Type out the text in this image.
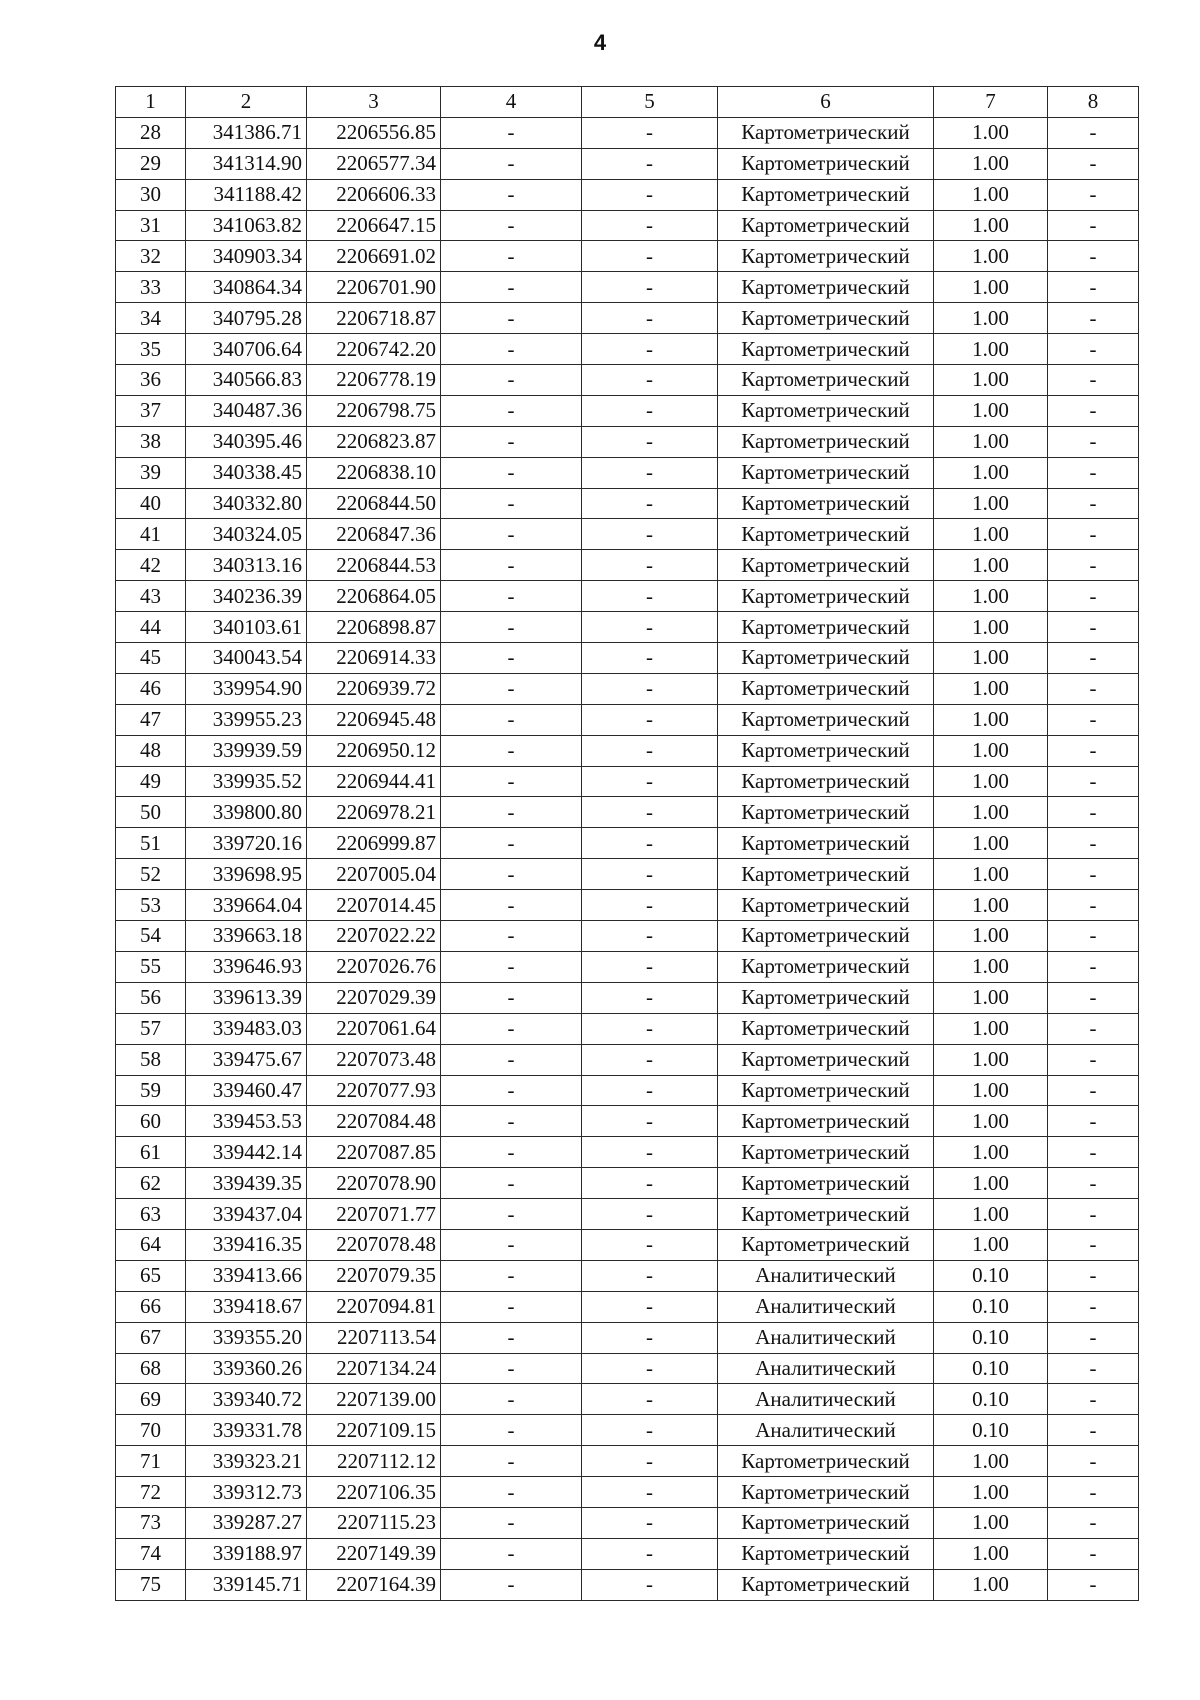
4
1	2	3	4	5	6	7	8
28	341386.71	2206556.85	-	-	Картометрический	1.00	-
29	341314.90	2206577.34	-	-	Картометрический	1.00	-
30	341188.42	2206606.33	-	-	Картометрический	1.00	-
31	341063.82	2206647.15	-	-	Картометрический	1.00	-
32	340903.34	2206691.02	-	-	Картометрический	1.00	-
33	340864.34	2206701.90	-	-	Картометрический	1.00	-
34	340795.28	2206718.87	-	-	Картометрический	1.00	-
35	340706.64	2206742.20	-	-	Картометрический	1.00	-
36	340566.83	2206778.19	-	-	Картометрический	1.00	-
37	340487.36	2206798.75	-	-	Картометрический	1.00	-
38	340395.46	2206823.87	-	-	Картометрический	1.00	-
39	340338.45	2206838.10	-	-	Картометрический	1.00	-
40	340332.80	2206844.50	-	-	Картометрический	1.00	-
41	340324.05	2206847.36	-	-	Картометрический	1.00	-
42	340313.16	2206844.53	-	-	Картометрический	1.00	-
43	340236.39	2206864.05	-	-	Картометрический	1.00	-
44	340103.61	2206898.87	-	-	Картометрический	1.00	-
45	340043.54	2206914.33	-	-	Картометрический	1.00	-
46	339954.90	2206939.72	-	-	Картометрический	1.00	-
47	339955.23	2206945.48	-	-	Картометрический	1.00	-
48	339939.59	2206950.12	-	-	Картометрический	1.00	-
49	339935.52	2206944.41	-	-	Картометрический	1.00	-
50	339800.80	2206978.21	-	-	Картометрический	1.00	-
51	339720.16	2206999.87	-	-	Картометрический	1.00	-
52	339698.95	2207005.04	-	-	Картометрический	1.00	-
53	339664.04	2207014.45	-	-	Картометрический	1.00	-
54	339663.18	2207022.22	-	-	Картометрический	1.00	-
55	339646.93	2207026.76	-	-	Картометрический	1.00	-
56	339613.39	2207029.39	-	-	Картометрический	1.00	-
57	339483.03	2207061.64	-	-	Картометрический	1.00	-
58	339475.67	2207073.48	-	-	Картометрический	1.00	-
59	339460.47	2207077.93	-	-	Картометрический	1.00	-
60	339453.53	2207084.48	-	-	Картометрический	1.00	-
61	339442.14	2207087.85	-	-	Картометрический	1.00	-
62	339439.35	2207078.90	-	-	Картометрический	1.00	-
63	339437.04	2207071.77	-	-	Картометрический	1.00	-
64	339416.35	2207078.48	-	-	Картометрический	1.00	-
65	339413.66	2207079.35	-	-	Аналитический	0.10	-
66	339418.67	2207094.81	-	-	Аналитический	0.10	-
67	339355.20	2207113.54	-	-	Аналитический	0.10	-
68	339360.26	2207134.24	-	-	Аналитический	0.10	-
69	339340.72	2207139.00	-	-	Аналитический	0.10	-
70	339331.78	2207109.15	-	-	Аналитический	0.10	-
71	339323.21	2207112.12	-	-	Картометрический	1.00	-
72	339312.73	2207106.35	-	-	Картометрический	1.00	-
73	339287.27	2207115.23	-	-	Картометрический	1.00	-
74	339188.97	2207149.39	-	-	Картометрический	1.00	-
75	339145.71	2207164.39	-	-	Картометрический	1.00	-
